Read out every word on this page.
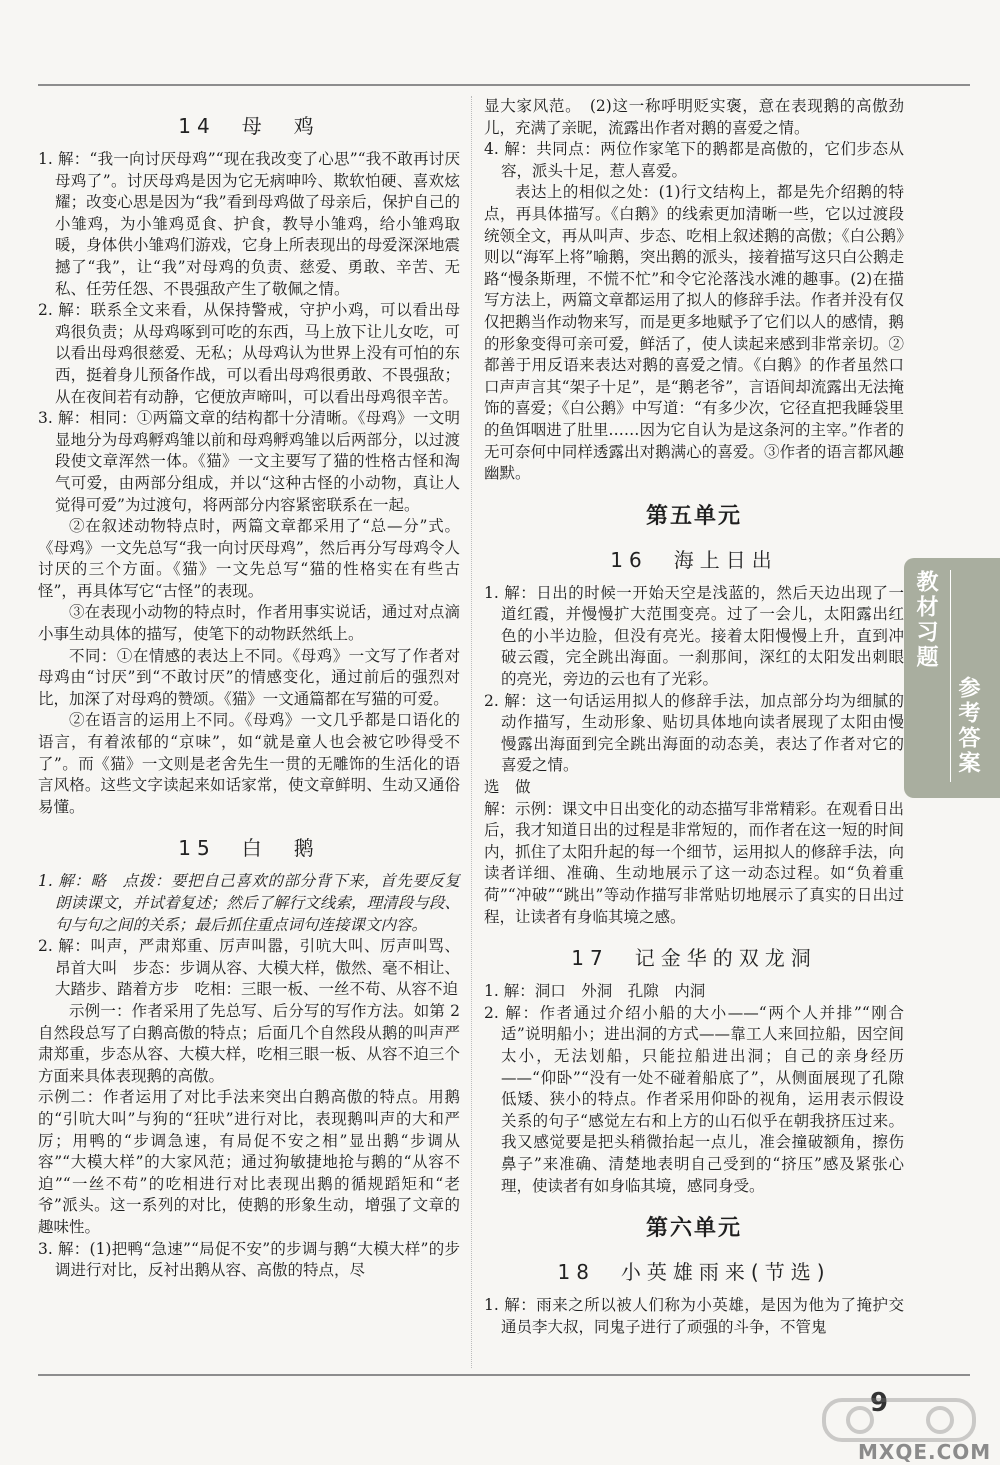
14　母　鸡

1. 解：“我一向讨厌母鸡”“现在我改变了心思”“我不敢再讨厌母鸡了”。讨厌母鸡是因为它无病呻吟、欺软怕硬、喜欢炫耀；改变心思是因为“我”看到母鸡做了母亲后，保护自己的小雏鸡，为小雏鸡觅食、护食，教导小雏鸡，给小雏鸡取暖，身体供小雏鸡们游戏，它身上所表现出的母爱深深地震撼了“我”，让“我”对母鸡的负责、慈爱、勇敢、辛苦、无私、任劳任怨、不畏强敌产生了敬佩之情。

2. 解：联系全文来看，从保持警戒，守护小鸡，可以看出母鸡很负责；从母鸡啄到可吃的东西，马上放下让儿女吃，可以看出母鸡很慈爱、无私；从母鸡认为世界上没有可怕的东西，挺着身儿预备作战，可以看出母鸡很勇敢、不畏强敌；从在夜间若有动静，它便放声啼叫，可以看出母鸡很辛苦。

3. 解：相同：①两篇文章的结构都十分清晰。《母鸡》一文明显地分为母鸡孵鸡雏以前和母鸡孵鸡雏以后两部分，以过渡段使文章浑然一体。《猫》一文主要写了猫的性格古怪和淘气可爱，由两部分组成，并以“这种古怪的小动物，真让人觉得可爱”为过渡句，将两部分内容紧密联系在一起。

②在叙述动物特点时，两篇文章都采用了“总—分”式。《母鸡》一文先总写“我一向讨厌母鸡”，然后再分写母鸡令人讨厌的三个方面。《猫》一文先总写“猫的性格实在有些古怪”，再具体写它“古怪”的表现。

③在表现小动物的特点时，作者用事实说话，通过对点滴小事生动具体的描写，使笔下的动物跃然纸上。

不同：①在情感的表达上不同。《母鸡》一文写了作者对母鸡由“讨厌”到“不敢讨厌”的情感变化，通过前后的强烈对比，加深了对母鸡的赞颂。《猫》一文通篇都在写猫的可爱。

②在语言的运用上不同。《母鸡》一文几乎都是口语化的语言，有着浓郁的“京味”，如“就是童人也会被它吵得受不了”。而《猫》一文则是老舍先生一贯的无雕饰的生活化的语言风格。这些文字读起来如话家常，使文章鲜明、生动又通俗易懂。

15　白　鹅

1. 解：略　点拨：要把自己喜欢的部分背下来，首先要反复朗读课文，并试着复述；然后了解行文线索，理清段与段、句与句之间的关系；最后抓住重点词句连接课文内容。

2. 解：叫声，严肃郑重、厉声叫嚣，引吭大叫、厉声叫骂、昂首大叫　步态：步调从容、大模大样，傲然、毫不相让、大踏步、踏着方步　吃相：三眼一板、一丝不苟、从容不迫

示例一：作者采用了先总写、后分写的写作方法。如第 2 自然段总写了白鹅高傲的特点；后面几个自然段从鹅的叫声严肃郑重，步态从容、大模大样，吃相三眼一板、从容不迫三个方面来具体表现鹅的高傲。

示例二：作者运用了对比手法来突出白鹅高傲的特点。用鹅的“引吭大叫”与狗的“狂吠”进行对比，表现鹅叫声的大和严厉；用鸭的“步调急速，有局促不安之相”显出鹅“步调从容”“大模大样”的大家风范；通过狗敏捷地抢与鹅的“从容不迫”“一丝不苟”的吃相进行对比表现出鹅的循规蹈矩和“老爷”派头。这一系列的对比，使鹅的形象生动，增强了文章的趣味性。

3. 解：(1)把鸭“急速”“局促不安”的步调与鹅“大模大样”的步调进行对比，反衬出鹅从容、高傲的特点，尽

显大家风范。　(2)这一称呼明贬实褒，意在表现鹅的高傲劲儿，充满了亲昵，流露出作者对鹅的喜爱之情。

4. 解：共同点：两位作家笔下的鹅都是高傲的，它们步态从容，派头十足，惹人喜爱。

表达上的相似之处：(1)行文结构上，都是先介绍鹅的特点，再具体描写。《白鹅》的线索更加清晰一些，它以过渡段统领全文，再从叫声、步态、吃相上叙述鹅的高傲；《白公鹅》则以“海军上将”喻鹅，突出鹅的派头，接着描写这只白公鹅走路“慢条斯理，不慌不忙”和令它沦落浅水滩的趣事。(2)在描写方法上，两篇文章都运用了拟人的修辞手法。作者并没有仅仅把鹅当作动物来写，而是更多地赋予了它们以人的感情，鹅的形象变得可亲可爱，鲜活了，使人读起来感到非常亲切。②都善于用反语来表达对鹅的喜爱之情。《白鹅》的作者虽然口口声声言其“架子十足”，是“鹅老爷”，言语间却流露出无法掩饰的喜爱；《白公鹅》中写道：“有多少次，它径直把我睡袋里的鱼饵咽进了肚里……因为它自认为是这条河的主宰。”作者的无可奈何中同样透露出对鹅满心的喜爱。③作者的语言都风趣幽默。

第五单元
16　海上日出

1. 解：日出的时候一开始天空是浅蓝的，然后天边出现了一道红霞，并慢慢扩大范围变亮。过了一会儿，太阳露出红色的小半边脸，但没有亮光。接着太阳慢慢上升，直到冲破云霞，完全跳出海面。一刹那间，深红的太阳发出刺眼的亮光，旁边的云也有了光彩。

2. 解：这一句话运用拟人的修辞手法，加点部分均为细腻的动作描写，生动形象、贴切具体地向读者展现了太阳由慢慢露出海面到完全跳出海面的动态美，表达了作者对它的喜爱之情。

选　做

解：示例：课文中日出变化的动态描写非常精彩。在观看日出后，我才知道日出的过程是非常短的，而作者在这一短的时间内，抓住了太阳升起的每一个细节，运用拟人的修辞手法，向读者详细、准确、生动地展示了这一动态过程。如“负着重荷”“冲破”“跳出”等动作描写非常贴切地展示了真实的日出过程，让读者有身临其境之感。

17　记金华的双龙洞

1. 解：洞口　外洞　孔隙　内洞

2. 解：作者通过介绍小船的大小——“两个人并排”“刚合适”说明船小；进出洞的方式——靠工人来回拉船，因空间太小，无法划船，只能拉船进出洞；自己的亲身经历——“仰卧”“没有一处不碰着船底了”，从侧面展现了孔隙低矮、狭小的特点。作者采用仰卧的视角，运用表示假设关系的句子“感觉左右和上方的山石似乎在朝我挤压过来。我又感觉要是把头稍微抬起一点儿，准会撞破额角，擦伤鼻子”来准确、清楚地表明自己受到的“挤压”感及紧张心理，使读者有如身临其境，感同身受。

第六单元
18　小英雄雨来(节选)

1. 解：雨来之所以被人们称为小英雄，是因为他为了掩护交通员李大叔，同鬼子进行了顽强的斗争，不管鬼

教材习题
参考答案
9
MXQE.COM
